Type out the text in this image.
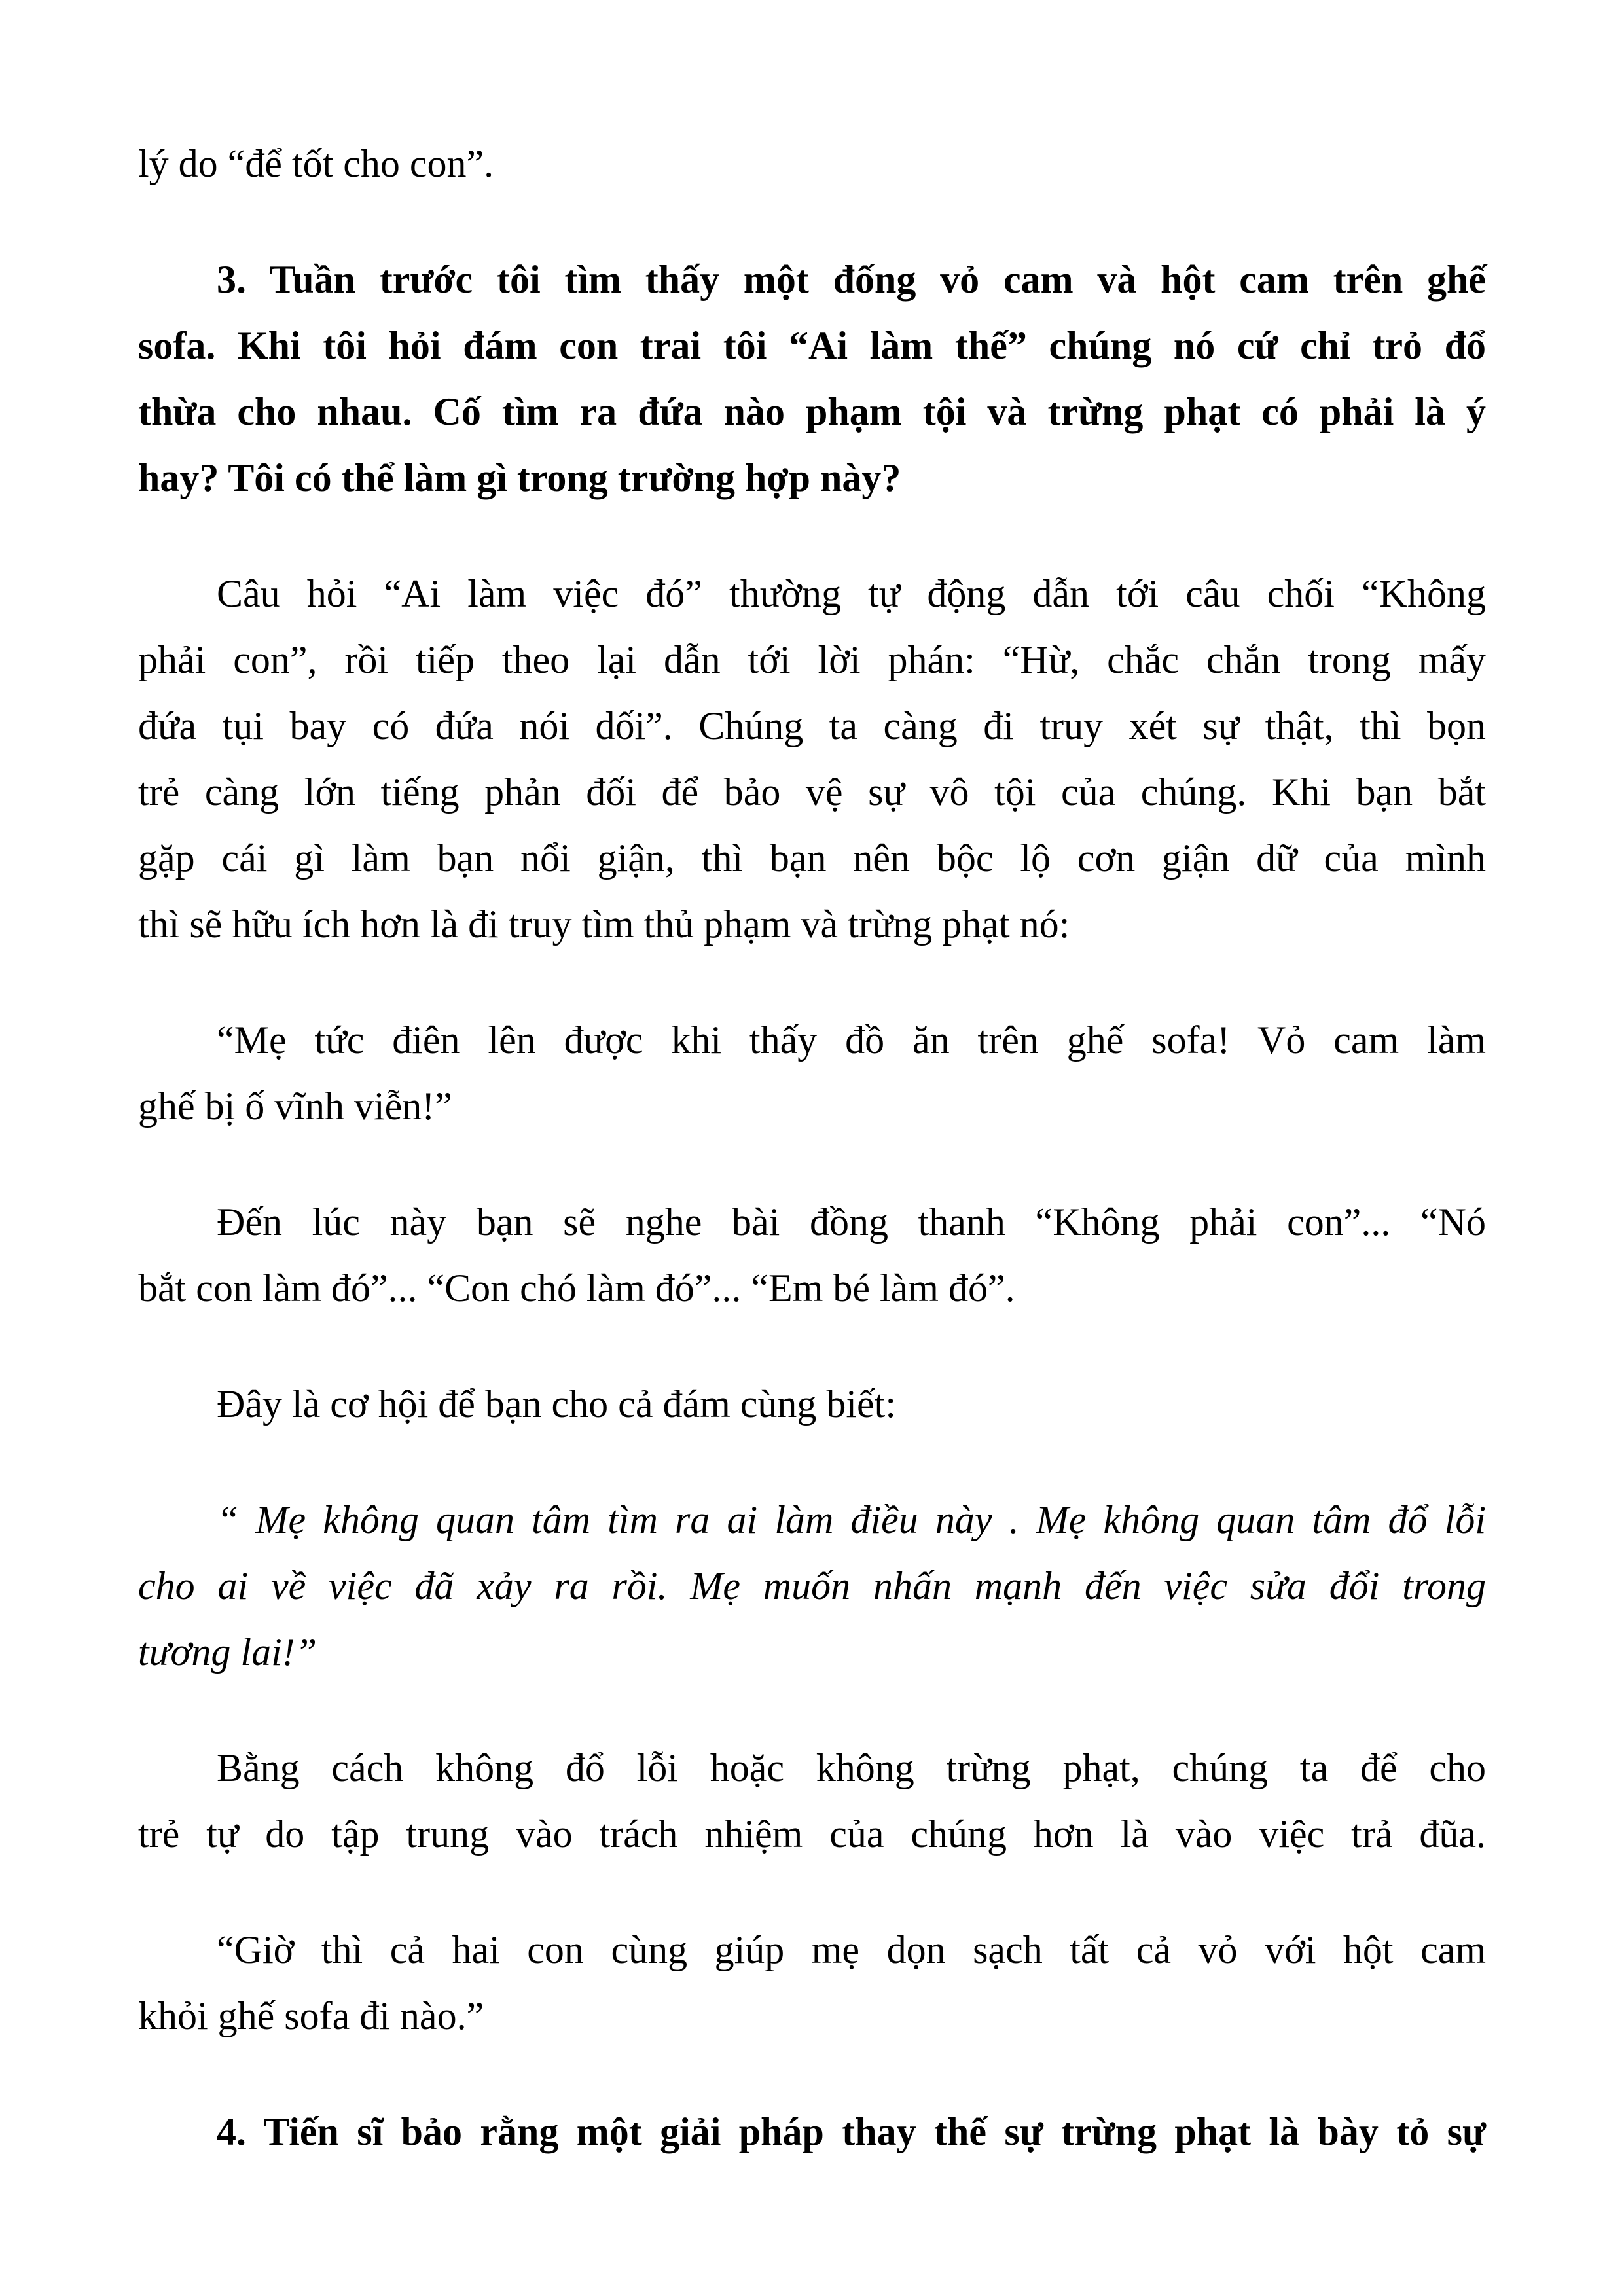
lý do “để tốt cho con”.
3. Tuần trước tôi tìm thấy một đống vỏ cam và hột cam trên ghế
sofa. Khi tôi hỏi đám con trai tôi “Ai làm thế” chúng nó cứ chỉ trỏ đổ
thừa cho nhau. Cố tìm ra đứa nào phạm tội và trừng phạt có phải là ý
hay? Tôi có thể làm gì trong trường hợp này?
Câu hỏi “Ai làm việc đó” thường tự động dẫn tới câu chối “Không
phải con”, rồi tiếp theo lại dẫn tới lời phán: “Hừ, chắc chắn trong mấy
đứa tụi bay có đứa nói dối”. Chúng ta càng đi truy xét sự thật, thì bọn
trẻ càng lớn tiếng phản đối để bảo vệ sự vô tội của chúng. Khi bạn bắt
gặp cái gì làm bạn nổi giận, thì bạn nên bộc lộ cơn giận dữ của mình
thì sẽ hữu ích hơn là đi truy tìm thủ phạm và trừng phạt nó:
“Mẹ tức điên lên được khi thấy đồ ăn trên ghế sofa! Vỏ cam làm
ghế bị ố vĩnh viễn!”
Đến lúc này bạn sẽ nghe bài đồng thanh “Không phải con”... “Nó
bắt con làm đó”... “Con chó làm đó”... “Em bé làm đó”.
Đây là cơ hội để bạn cho cả đám cùng biết:
“ Mẹ không quan tâm tìm ra ai làm điều này . Mẹ không quan tâm đổ lỗi
cho ai về việc đã xảy ra rồi. Mẹ muốn nhấn mạnh đến việc sửa đổi trong
tương lai!”
Bằng cách không đổ lỗi hoặc không trừng phạt, chúng ta để cho
trẻ tự do tập trung vào trách nhiệm của chúng hơn là vào việc trả đũa.
“Giờ thì cả hai con cùng giúp mẹ dọn sạch tất cả vỏ với hột cam
khỏi ghế sofa đi nào.”
4. Tiến sĩ bảo rằng một giải pháp thay thế sự trừng phạt là bày tỏ sự
